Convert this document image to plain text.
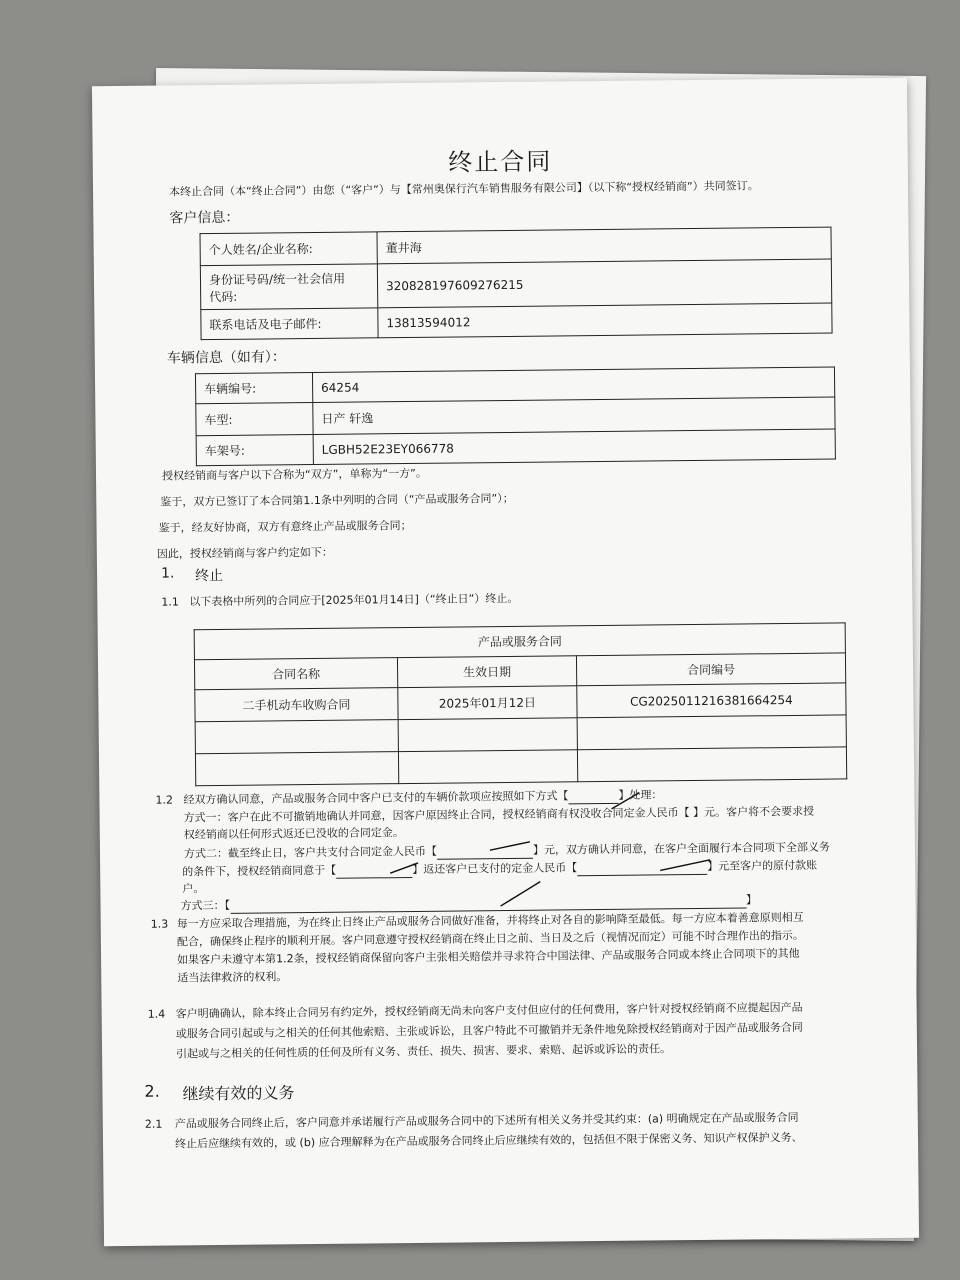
终止合同
本终止合同（本“终止合同”）由您（“客户”）与【常州奥保行汽车销售服务有限公司】（以下称“授权经销商”）共同签订。
客户信息：
个人姓名/企业名称:	董井海
身份证号码/统一社会信用
代码:	320828197609276215
联系电话及电子邮件:	13813594012
车辆信息（如有）：
车辆编号:	64254
车型:	日产 轩逸
车架号:	LGBH52E23EY066778
授权经销商与客户以下合称为“双方”，单称为“一方”。
鉴于，双方已签订了本合同第1.1条中列明的合同（“产品或服务合同”）；
鉴于，经友好协商，双方有意终止产品或服务合同；
因此，授权经销商与客户约定如下：
1. 终止
1.1 以下表格中所列的合同应于[2025年01月14日]（“终止日”）终止。
产品或服务合同		
合同名称	生效日期	合同编号
二手机动车收购合同	2025年01月12日	CG2025011216381664254

1.2 经双方确认同意，产品或服务合同中客户已支付的车辆价款项应按照如下方式【	】处理：
方式一：客户在此不可撤销地确认并同意，因客户原因终止合同，授权经销商有权没收合同定金人民币【 】元。客户将不会要求授
权经销商以任何形式返还已没收的合同定金。
方式二：截至终止日，客户共支付合同定金人民币【	】元，双方确认并同意，在客户全面履行本合同项下全部义务
的条件下，授权经销商同意于【	】返还客户已支付的定金人民币【	】元至客户的原付款账
户。
方式三：【	】
1.3 每一方应采取合理措施，为在终止日终止产品或服务合同做好准备，并将终止对各自的影响降至最低。每一方应本着善意原则相互
配合，确保终止程序的顺利开展。客户同意遵守授权经销商在终止日之前、当日及之后（视情况而定）可能不时合理作出的指示。
如果客户未遵守本第1.2条，授权经销商保留向客户主张相关赔偿并寻求符合中国法律、产品或服务合同或本终止合同项下的其他
适当法律救济的权利。
1.4 客户明确确认，除本终止合同另有约定外，授权经销商无尚未向客户支付但应付的任何费用，客户针对授权经销商不应提起因产品
或服务合同引起或与之相关的任何其他索赔、主张或诉讼，且客户特此不可撤销并无条件地免除授权经销商对于因产品或服务合同
引起或与之相关的任何性质的任何及所有义务、责任、损失、损害、要求、索赔、起诉或诉讼的责任。
2. 继续有效的义务
2.1 产品或服务合同终止后，客户同意并承诺履行产品或服务合同中的下述所有相关义务并受其约束：(a) 明确规定在产品或服务合同
终止后应继续有效的，或 (b) 应合理解释为在产品或服务合同终止后应继续有效的，包括但不限于保密义务、知识产权保护义务、
